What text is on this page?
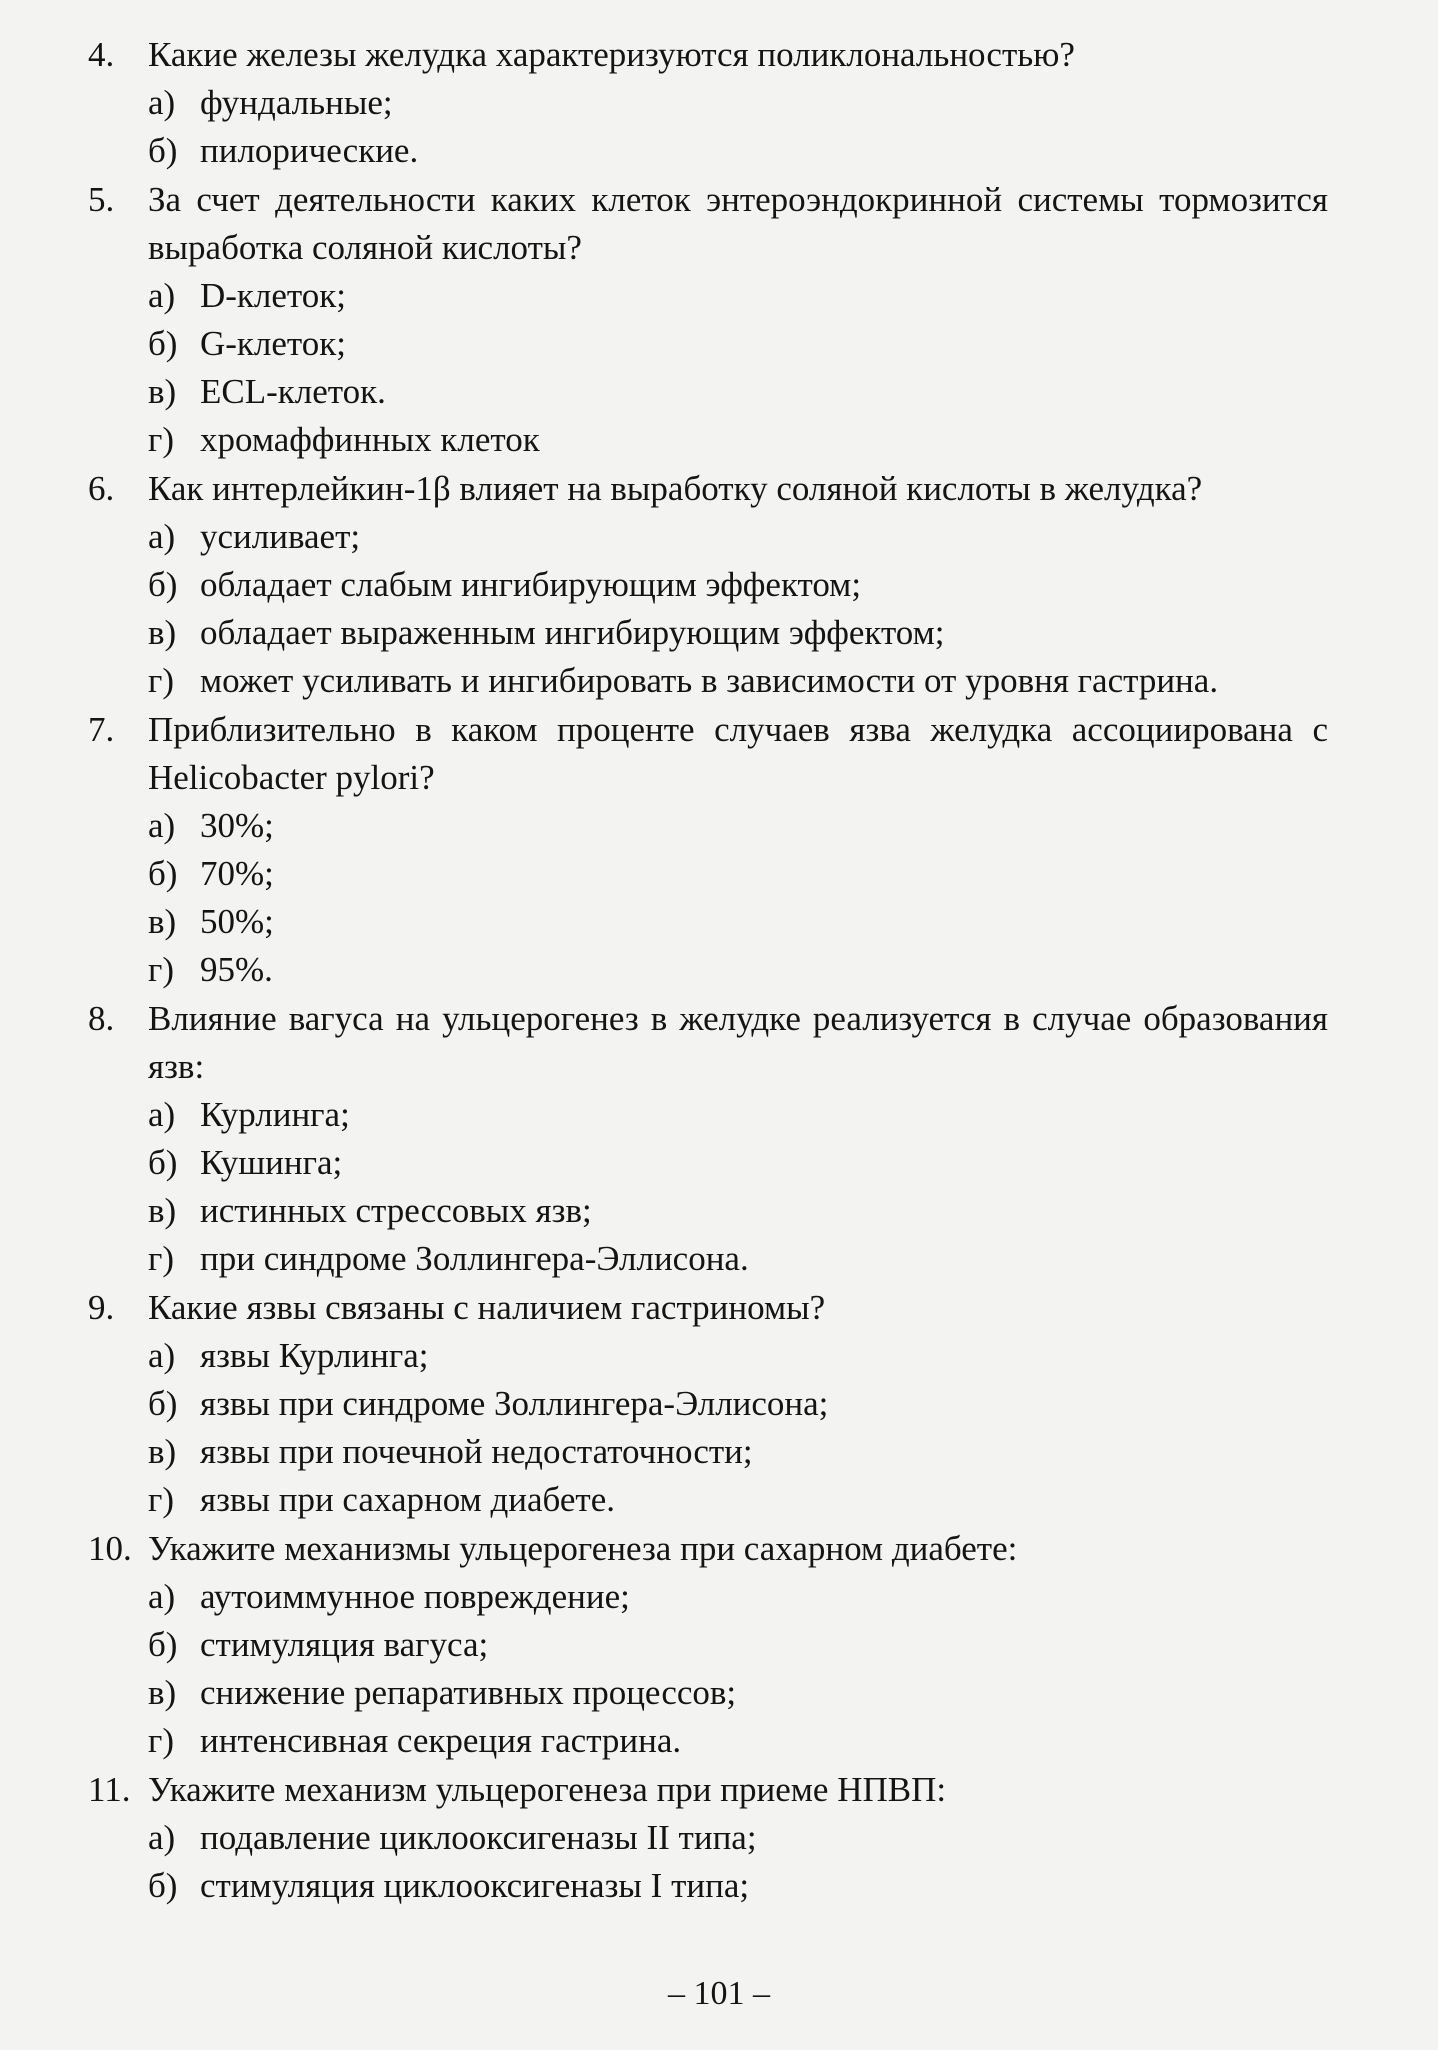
4. Какие железы желудка характеризуются поликлональностью?
а) фундальные;
б) пилорические.
5. За счет деятельности каких клеток энтероэндокринной системы тормозится выработка соляной кислоты?
а) D-клеток;
б) G-клеток;
в) ECL-клеток.
г) хромаффинных клеток
6. Как интерлейкин-1β влияет на выработку соляной кислоты в желудка?
а) усиливает;
б) обладает слабым ингибирующим эффектом;
в) обладает выраженным ингибирующим эффектом;
г) может усиливать и ингибировать в зависимости от уровня гастрина.
7. Приблизительно в каком проценте случаев язва желудка ассоциирована с Helicobacter pylori?
а) 30%;
б) 70%;
в) 50%;
г) 95%.
8. Влияние вагуса на ульцерогенез в желудке реализуется в случае образования язв:
а) Курлинга;
б) Кушинга;
в) истинных стрессовых язв;
г) при синдроме Золлингера-Эллисона.
9. Какие язвы связаны с наличием гастриномы?
а) язвы Курлинга;
б) язвы при синдроме Золлингера-Эллисона;
в) язвы при почечной недостаточности;
г) язвы при сахарном диабете.
10. Укажите механизмы ульцерогенеза при сахарном диабете:
а) аутоиммунное повреждение;
б) стимуляция вагуса;
в) снижение репаративных процессов;
г) интенсивная секреция гастрина.
11. Укажите механизм ульцерогенеза при приеме НПВП:
а) подавление циклооксигеназы II типа;
б) стимуляция циклооксигеназы I типа;
– 101 –
